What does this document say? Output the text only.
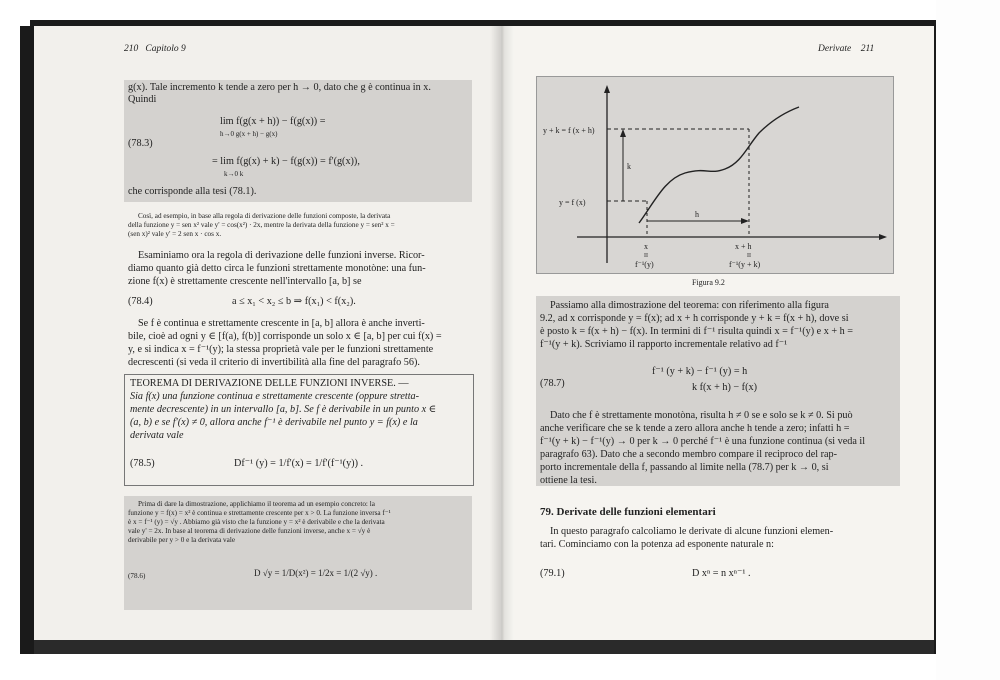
210 Capitolo 9
g(x). Tale incremento k tende a zero per h → 0, dato che g è continua in x.
Quindi
(78.3)
lim f(g(x + h)) − f(g(x)) =
h→0 g(x + h) − g(x)
= lim f(g(x) + k) − f(g(x)) = f'(g(x)),
k→0 k
che corrisponde alla tesi (78.1).
Così, ad esempio, in base alla regola di derivazione delle funzioni composte, la derivata
della funzione y = sen x² vale y' = cos(x²) · 2x, mentre la derivata della funzione y = sen² x =
(sen x)² vale y' = 2 sen x · cos x.
Esaminiamo ora la regola di derivazione delle funzioni inverse. Ricor-
diamo quanto già detto circa le funzioni strettamente monotòne: una fun-
zione f(x) è strettamente crescente nell'intervallo [a, b] se
(78.4)	a ≤ x₁ < x₂ ≤ b ⇒ f(x₁) < f(x₂).
Se f è continua e strettamente crescente in [a, b] allora è anche inverti-
bile, cioè ad ogni y ∈ [f(a), f(b)] corrisponde un solo x ∈ [a, b] per cui f(x) =
y, e si indica x = f⁻¹(y); la stessa proprietà vale per le funzioni strettamente
decrescenti (si veda il criterio di invertibilità alla fine del paragrafo 56).
TEOREMA DI DERIVAZIONE DELLE FUNZIONI INVERSE. —
Sia f(x) una funzione continua e strettamente crescente (oppure stretta-
mente decrescente) in un intervallo [a, b]. Se f è derivabile in un punto x ∈
(a, b) e se f'(x) ≠ 0, allora anche f⁻¹ è derivabile nel punto y = f(x) e la
derivata vale
(78.5)	Df⁻¹ (y) = 1/f'(x) = 1/f'(f⁻¹(y)) .
Prima di dare la dimostrazione, applichiamo il teorema ad un esempio concreto: la
funzione y = f(x) = x² è continua e strettamente crescente per x > 0. La funzione inversa f⁻¹
è x = f⁻¹ (y) = √y . Abbiamo già visto che la funzione y = x² è derivabile e che la derivata
vale y' = 2x. In base al teorema di derivazione delle funzioni inverse, anche x = √y è
derivabile per y > 0 e la derivata vale
(78.6)	D √y = 1/D(x²) = 1/2x = 1/(2 √y) .
Derivate 211
y + k = f (x + h)
y = f (x)
k
h
x
II
f⁻¹(y)
x + h
II
f⁻¹(y + k)
Figura 9.2
Passiamo alla dimostrazione del teorema: con riferimento alla figura
9.2, ad x corrisponde y = f(x); ad x + h corrisponde y + k = f(x + h), dove si
è posto k = f(x + h) − f(x). In termini di f⁻¹ risulta quindi x = f⁻¹(y) e x + h =
f⁻¹(y + k). Scriviamo il rapporto incrementale relativo ad f⁻¹
(78.7)
f⁻¹ (y + k) − f⁻¹ (y) = h
k f(x + h) − f(x)
Dato che f è strettamente monotòna, risulta h ≠ 0 se e solo se k ≠ 0. Si può
anche verificare che se k tende a zero allora anche h tende a zero; infatti h =
f⁻¹(y + k) − f⁻¹(y) → 0 per k → 0 perché f⁻¹ è una funzione continua (si veda il
paragrafo 63). Dato che a secondo membro compare il reciproco del rap-
porto incrementale della f, passando al limite nella (78.7) per k → 0, si
ottiene la tesi.
79. Derivate delle funzioni elementari
In questo paragrafo calcoliamo le derivate di alcune funzioni elemen-
tari. Cominciamo con la potenza ad esponente naturale n:
(79.1)	D xⁿ = n xⁿ⁻¹ .
